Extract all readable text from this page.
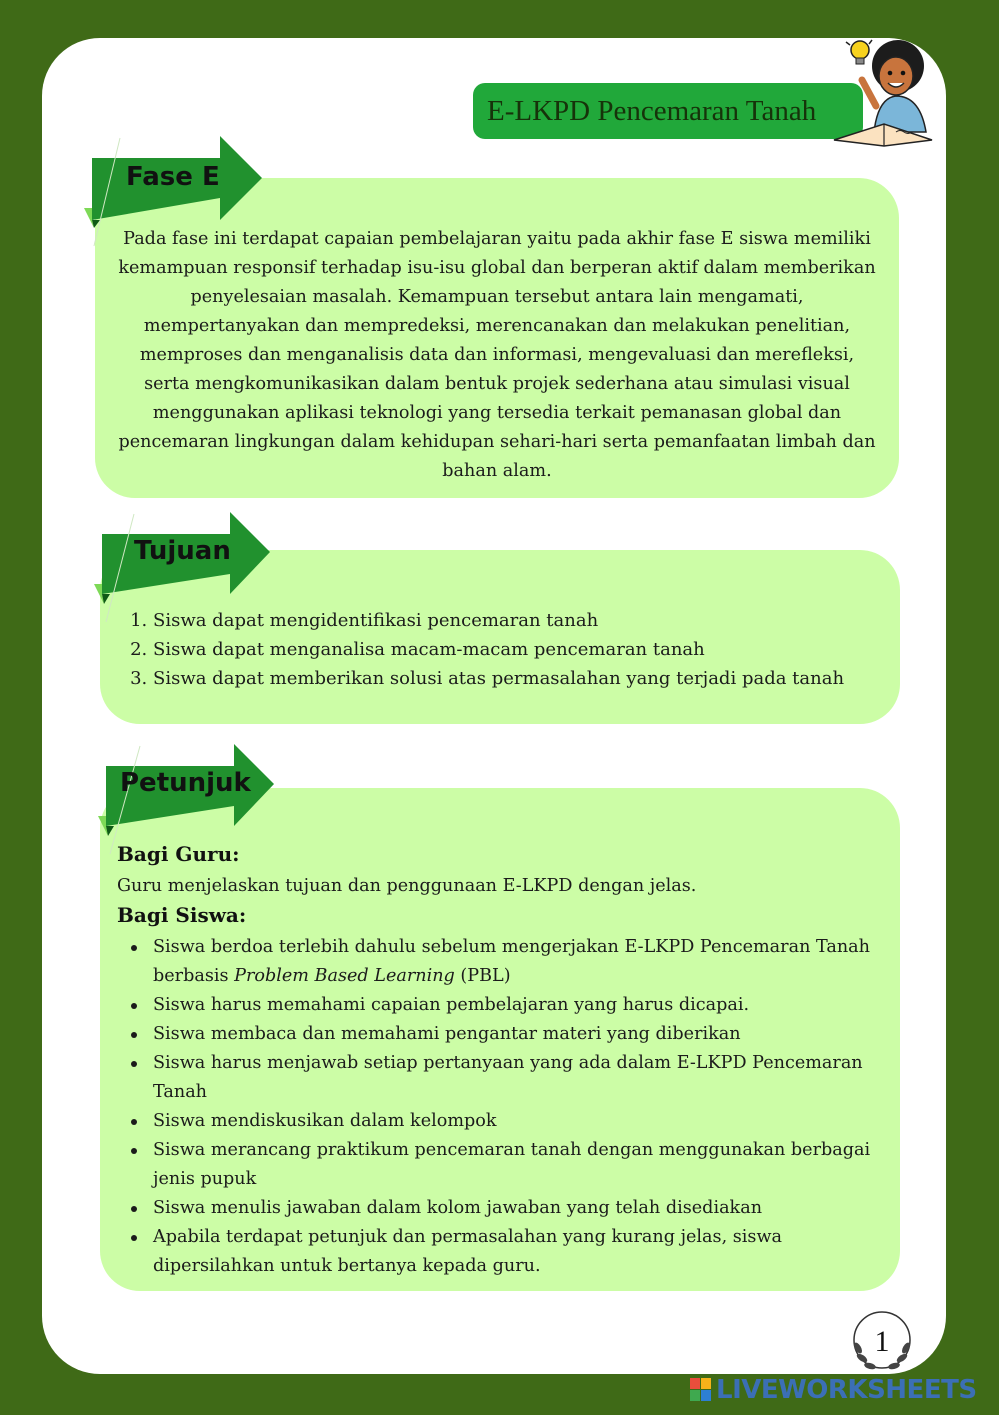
E-LKPD Pencemaran Tanah
Fase E

Pada fase ini terdapat capaian pembelajaran yaitu pada akhir fase E siswa memiliki kemampuan responsif terhadap isu-isu global dan berperan aktif dalam memberikan penyelesaian masalah. Kemampuan tersebut antara lain mengamati, mempertanyakan dan mempredeksi, merencanakan dan melakukan penelitian, memproses dan menganalisis data dan informasi, mengevaluasi dan merefleksi, serta mengkomunikasikan dalam bentuk projek sederhana atau simulasi visual menggunakan aplikasi teknologi yang tersedia terkait pemanasan global dan pencemaran lingkungan dalam kehidupan sehari-hari serta pemanfaatan limbah dan bahan alam.

Tujuan
1. Siswa dapat mengidentifikasi pencemaran tanah
2. Siswa dapat menganalisa macam-macam pencemaran tanah
3. Siswa dapat memberikan solusi atas permasalahan yang terjadi pada tanah
Petunjuk

Bagi Guru:

Guru menjelaskan tujuan dan penggunaan E-LKPD dengan jelas.

Bagi Siswa:

Siswa berdoa terlebih dahulu sebelum mengerjakan E-LKPD Pencemaran Tanah berbasis Problem Based Learning (PBL)
Siswa harus memahami capaian pembelajaran yang harus dicapai.
Siswa membaca dan memahami pengantar materi yang diberikan
Siswa harus menjawab setiap pertanyaan yang ada dalam E-LKPD Pencemaran Tanah
Siswa mendiskusikan dalam kelompok
Siswa merancang praktikum pencemaran tanah dengan menggunakan berbagai jenis pupuk
Siswa menulis jawaban dalam kolom jawaban yang telah disediakan
Apabila terdapat petunjuk dan permasalahan yang kurang jelas, siswa dipersilahkan untuk bertanya kepada guru.
1
LIVEWORKSHEETS
